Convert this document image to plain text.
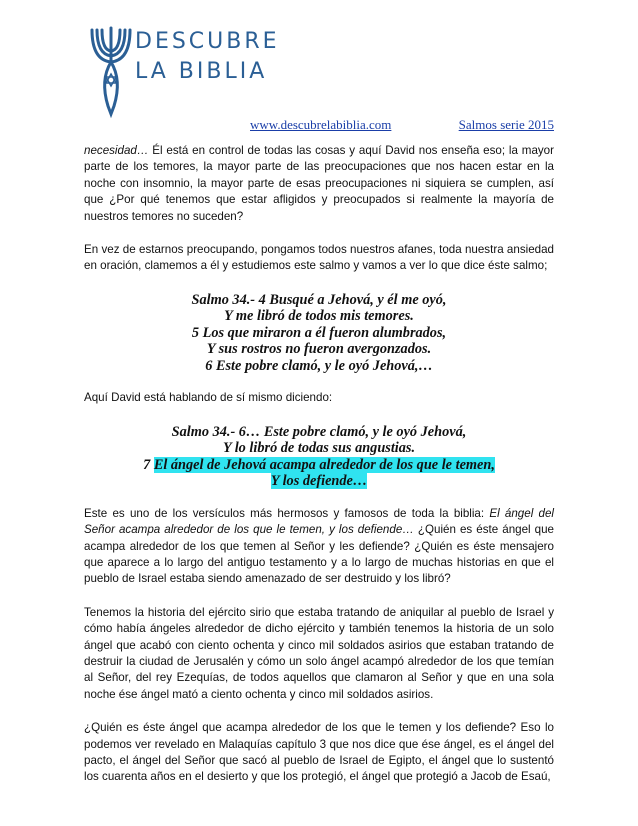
DESCUBRE
LA BIBLIA
www.descubrelabiblia.com	Salmos serie 2015

necesidad… Él está en control de todas las cosas y aquí David nos enseña eso; la mayor parte de los temores, la mayor parte de las preocupaciones que nos hacen estar en la noche con insomnio, la mayor parte de esas preocupaciones ni siquiera se cumplen, así que ¿Por qué tenemos que estar afligidos y preocupados si realmente la mayoría de nuestros temores no suceden?

En vez de estarnos preocupando, pongamos todos nuestros afanes, toda nuestra ansiedad en oración, clamemos a él y estudiemos este salmo y vamos a ver lo que dice éste salmo;

Salmo 34.- 4 Busqué a Jehová, y él me oyó,
Y me libró de todos mis temores.
5 Los que miraron a él fueron alumbrados,
Y sus rostros no fueron avergonzados.
6 Este pobre clamó, y le oyó Jehová,…

Aquí David está hablando de sí mismo diciendo:

Salmo 34.- 6… Este pobre clamó, y le oyó Jehová,
Y lo libró de todas sus angustias.
7 El ángel de Jehová acampa alrededor de los que le temen,
Y los defiende…

Este es uno de los versículos más hermosos y famosos de toda la biblia: El ángel del Señor acampa alrededor de los que le temen, y los defiende… ¿Quién es éste ángel que acampa alrededor de los que temen al Señor y les defiende? ¿Quién es éste mensajero que aparece a lo largo del antiguo testamento y a lo largo de muchas historias en que el pueblo de Israel estaba siendo amenazado de ser destruido y los libró?

Tenemos la historia del ejército sirio que estaba tratando de aniquilar al pueblo de Israel y cómo había ángeles alrededor de dicho ejército y también tenemos la historia de un solo ángel que acabó con ciento ochenta y cinco mil soldados asirios que estaban tratando de destruir la ciudad de Jerusalén y cómo un solo ángel acampó alrededor de los que temían al Señor, del rey Ezequías, de todos aquellos que clamaron al Señor y que en una sola noche ése ángel mató a ciento ochenta y cinco mil soldados asirios.

¿Quién es éste ángel que acampa alrededor de los que le temen y los defiende? Eso lo podemos ver revelado en Malaquías capítulo 3 que nos dice que ése ángel, es el ángel del pacto, el ángel del Señor que sacó al pueblo de Israel de Egipto, el ángel que lo sustentó los cuarenta años en el desierto y que los protegió, el ángel que protegió a Jacob de Esaú,
